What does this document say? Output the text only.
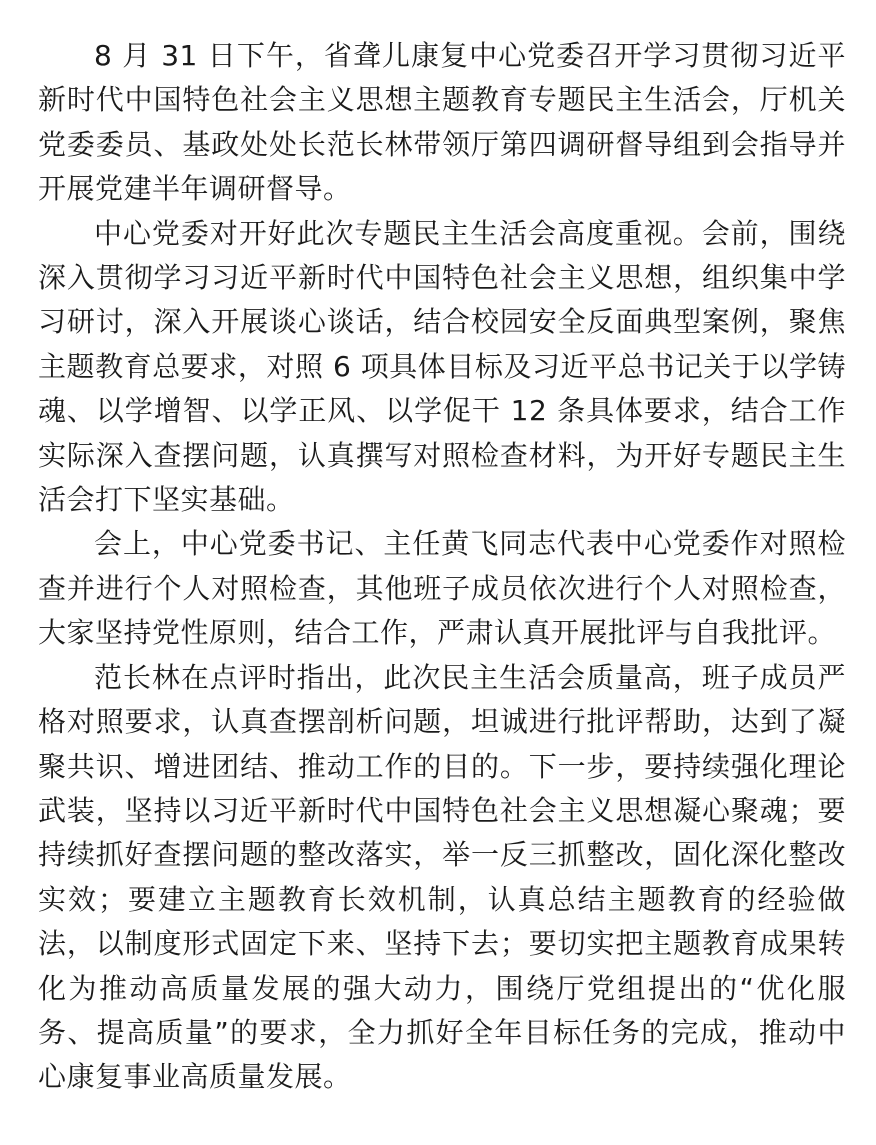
8 月 31 日下午，省聋儿康复中心党委召开学习贯彻习近平新时代中国特色社会主义思想主题教育专题民主生活会，厅机关党委委员、基政处处长范长林带领厅第四调研督导组到会指导并开展党建半年调研督导。

中心党委对开好此次专题民主生活会高度重视。会前，围绕深入贯彻学习习近平新时代中国特色社会主义思想，组织集中学习研讨，深入开展谈心谈话，结合校园安全反面典型案例，聚焦主题教育总要求，对照 6 项具体目标及习近平总书记关于以学铸魂、以学增智、以学正风、以学促干 12 条具体要求，结合工作实际深入查摆问题，认真撰写对照检查材料，为开好专题民主生活会打下坚实基础。

会上，中心党委书记、主任黄飞同志代表中心党委作对照检查并进行个人对照检查，其他班子成员依次进行个人对照检查，大家坚持党性原则，结合工作，严肃认真开展批评与自我批评。

范长林在点评时指出，此次民主生活会质量高，班子成员严格对照要求，认真查摆剖析问题，坦诚进行批评帮助，达到了凝聚共识、增进团结、推动工作的目的。下一步，要持续强化理论武装，坚持以习近平新时代中国特色社会主义思想凝心聚魂；要持续抓好查摆问题的整改落实，举一反三抓整改，固化深化整改实效；要建立主题教育长效机制，认真总结主题教育的经验做法，以制度形式固定下来、坚持下去；要切实把主题教育成果转化为推动高质量发展的强大动力，围绕厅党组提出的“优化服务、提高质量”的要求，全力抓好全年目标任务的完成，推动中心康复事业高质量发展。
